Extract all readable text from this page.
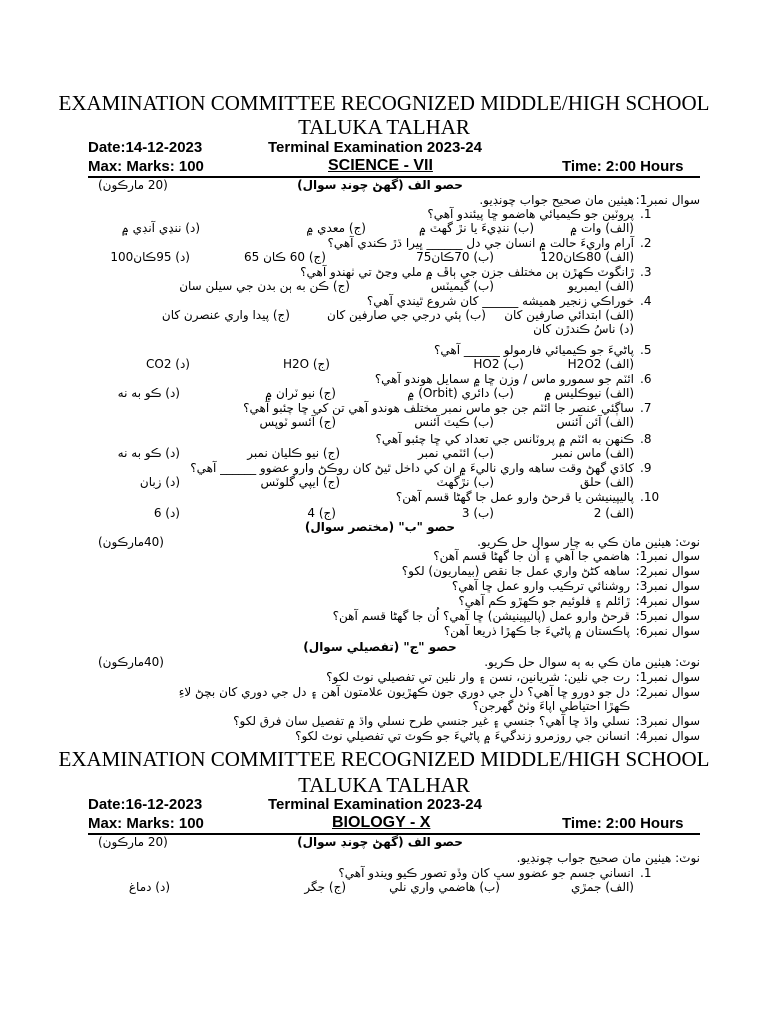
EXAMINATION COMMITTEE RECOGNIZED MIDDLE/HIGH SCHOOL
TALUKA TALHAR
Date:14-12-2023	Terminal Examination 2023-24
Max: Marks: 100	SCIENCE - VII	Time: 2:00 Hours
حصو الف (گهڻ چونڊ سوال)
(20 مارڪون)
سوال نمبر1:
هيٺين مان صحيح جواب چونڊيو.
.1
پروٽين جو ڪيميائي هاضمو ڇا پيئندو آهي؟
(الف) وات ۾
(ب) ننڍيءَ يا نڙ گهٽ ۾
(ج) معدي ۾
(د) ننڍي آنڊي ۾
.2
آرام واريءَ حالت ۾ انسان جي دل ______ ڀيرا ڌڙ ڪندي آهي؟
(الف) 80ڪان120
(ب) 70ڪان75
(ج) 60 ڪان 65
(د) 95ڪان100
.3
ڙانگوٽ ڪهڙن ٻن مختلف جزن جي ٻاڦ ۾ ملي وڃڻ تي ٺهندو آهي؟
(الف) ايمبريو
(ب) گيميٽس
(ج) ڪن به ٻن بدن جي سيلن سان
.4
خوراڪي زنجير هميشه ______ کان شروع ٿيندي آهي؟
(الف) ابتدائي صارفين کان
(ب) ٻئي درجي جي صارفين کان
(ج) پيدا واري عنصرن کان
(د) ناسُ ڪندڙن کان
.5
پاڻيءَ جو ڪيميائي فارمولو ______ آهي؟
(الف) H2O2
(ب) HO2
(ج) H2O
(د) CO2
.6
ائٽم جو سمورو ماس / وزن ڇا ۾ سمايل هوندو آهي؟
(الف) نيوڪليس ۾
(ب) دائري (Orbit) ۾
(ج) نيو ٽران ۾
(د) ڪو به نه
.7
ساڳئي عنصر جا ائٽم جن جو ماس نمبر مختلف هوندو آهي تن کي ڇا چئبو آهي؟
(الف) آئن آئنس
(ب) ڪيٽ آئنس
(ج) آئسو ٽوپس
.8
ڪنهن به ائٽم ۾ پروٽانس جي تعداد کي ڇا چئبو آهي؟
(الف) ماس نمبر
(ب) ائٽمي نمبر
(ج) نيو ڪليان نمبر
(د) ڪو به نه
.9
کاڌي گهڻ وقت ساهه واري ناليءَ ۾ ان کي داخل ٿيڻ کان روڪڻ وارو عضوو ______ آهي؟
(الف) حلق
(ب) نڙگهٽ
(ج) ايپي گلوٽس
(د) زبان
.10
پاليپينيشن يا قرحڻ وارو عمل جا گهڻا قسم آهن؟
(الف) 2
(ب) 3
(ج) 4
(د) 6
حصو "ب" (مختصر سوال)
نوٽ: هيٺين مان ڪي به چار سوال حل ڪريو.
(40مارڪون)
سوال نمبر1:
هاضمي جا آهي ۽ اُن جا گهڻا قسم آهن؟
سوال نمبر2:
ساهه کڻڻ واري عمل جا نقص (بيماريون) لکو؟
سوال نمبر3:
روشنائي ترڪيب وارو عمل ڇا آهي؟
سوال نمبر4:
ڙائلم ۽ فلوئيم جو ڪهڙو ڪم آهي؟
سوال نمبر5:
قرحڻ وارو عمل (پاليپينيشن) ڇا آهي؟ اُن جا گهڻا قسم آهن؟
سوال نمبر6:
پاڪستان ۾ پاڻيءَ جا ڪهڙا ذريعا آهن؟
حصو "ج" (تفصيلي سوال)
نوٽ: هيٺين مان ڪي به ٻه سوال حل ڪريو.
(40مارڪون)
سوال نمبر1:
رت جي نلين: شريانين، نسن ۽ وار نلين تي تفصيلي نوٽ لکو؟
سوال نمبر2:
دل جو دورو ڇا آهي؟ دل جي دوري جون ڪهڙيون علامتون آهن ۽ دل جي دوري کان بچڻ لاءِ
ڪهڙا احتياطي اپاءَ وٺڻ گهرجن؟
سوال نمبر3:
نسلي واڌ ڇا آهي؟ جنسي ۽ غير جنسي طرح نسلي واڌ ۾ تفصيل سان فرق لکو؟
سوال نمبر4:
انسانن جي روزمرو زندگيءَ ۾ پاڻيءَ جو ڪوٽ تي تفصيلي نوٽ لکو؟
EXAMINATION COMMITTEE RECOGNIZED MIDDLE/HIGH SCHOOL
TALUKA TALHAR
Date:16-12-2023	Terminal Examination 2023-24
Max: Marks: 100	BIOLOGY - X	Time: 2:00 Hours
حصو الف (گهڻ چونڊ سوال)
(20 مارڪون)
نوٽ: هيٺين مان صحيح جواب چونڊيو.
.1
انساني جسم جو عضوو سڀ کان وڏو تصور ڪيو ويندو آهي؟
(الف) جمڙي
(ب) هاضمي واري نلي
(ج) جگر
(د) دماغ
